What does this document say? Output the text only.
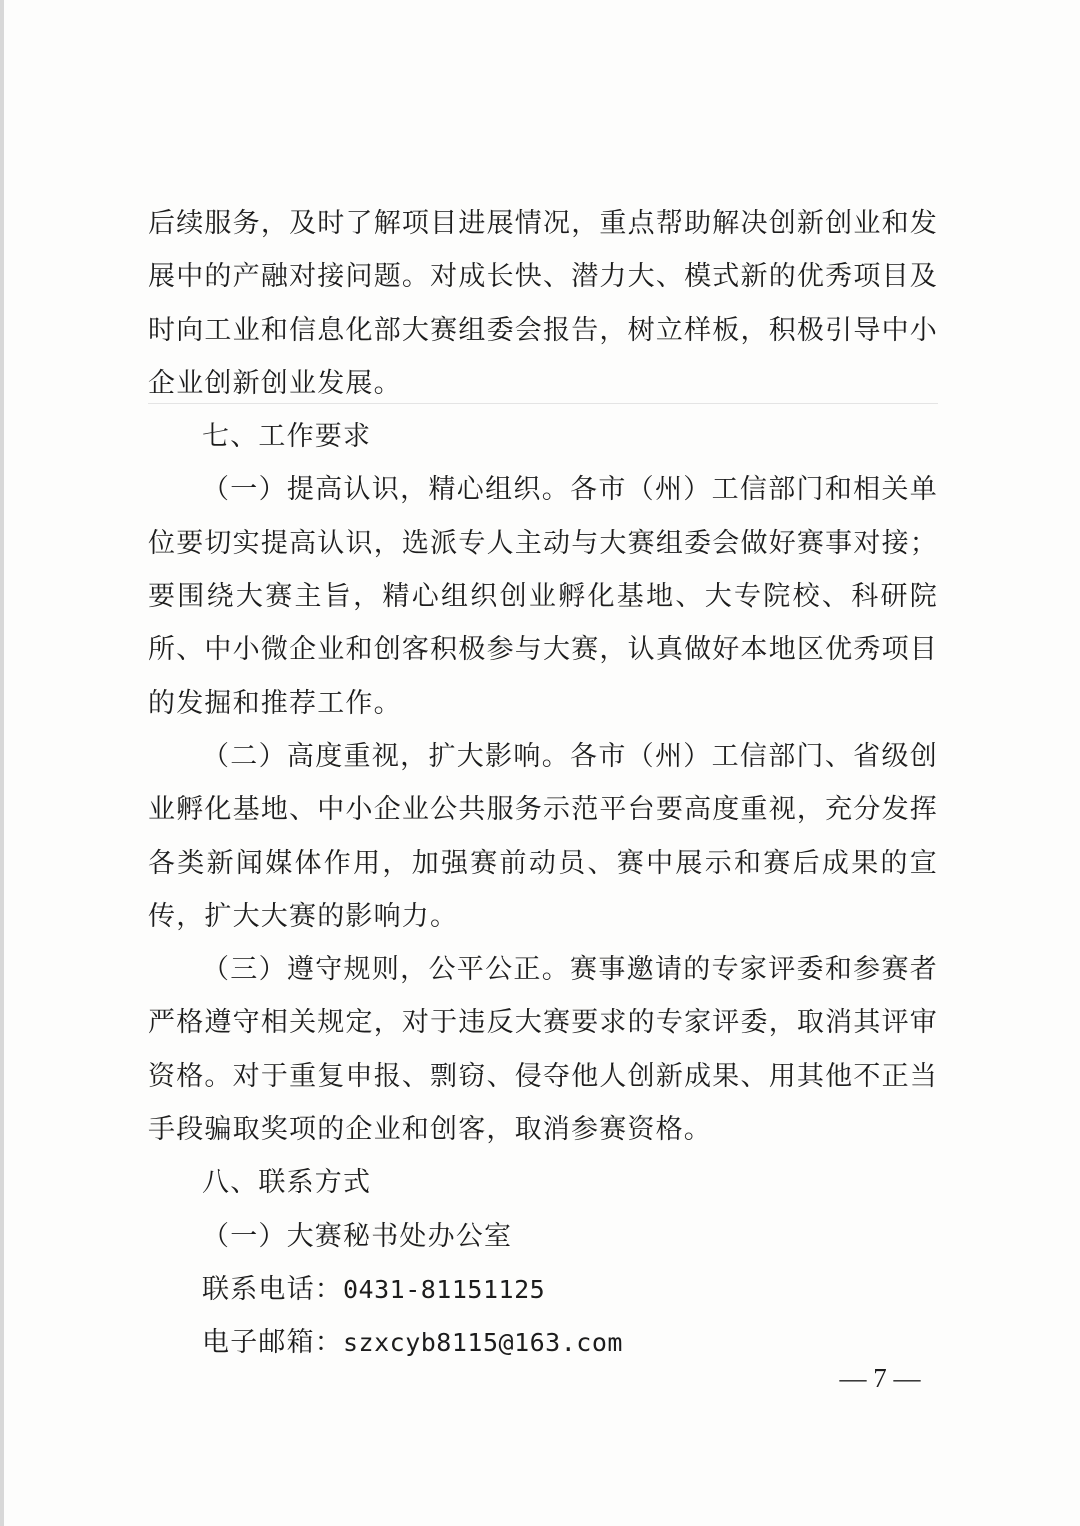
后续服务，及时了解项目进展情况，重点帮助解决创新创业和发展中的产融对接问题。对成长快、潜力大、模式新的优秀项目及时向工业和信息化部大赛组委会报告，树立样板，积极引导中小企业创新创业发展。

七、工作要求

（一）提高认识，精心组织。各市（州）工信部门和相关单位要切实提高认识，选派专人主动与大赛组委会做好赛事对接；要围绕大赛主旨，精心组织创业孵化基地、大专院校、科研院所、中小微企业和创客积极参与大赛，认真做好本地区优秀项目的发掘和推荐工作。

（二）高度重视，扩大影响。各市（州）工信部门、省级创业孵化基地、中小企业公共服务示范平台要高度重视，充分发挥各类新闻媒体作用，加强赛前动员、赛中展示和赛后成果的宣传，扩大大赛的影响力。

（三）遵守规则，公平公正。赛事邀请的专家评委和参赛者严格遵守相关规定，对于违反大赛要求的专家评委，取消其评审资格。对于重复申报、剽窃、侵夺他人创新成果、用其他不正当手段骗取奖项的企业和创客，取消参赛资格。

八、联系方式

（一）大赛秘书处办公室

联系电话：0431-81151125

电子邮箱：szxcyb8115@163.com

— 7 —
